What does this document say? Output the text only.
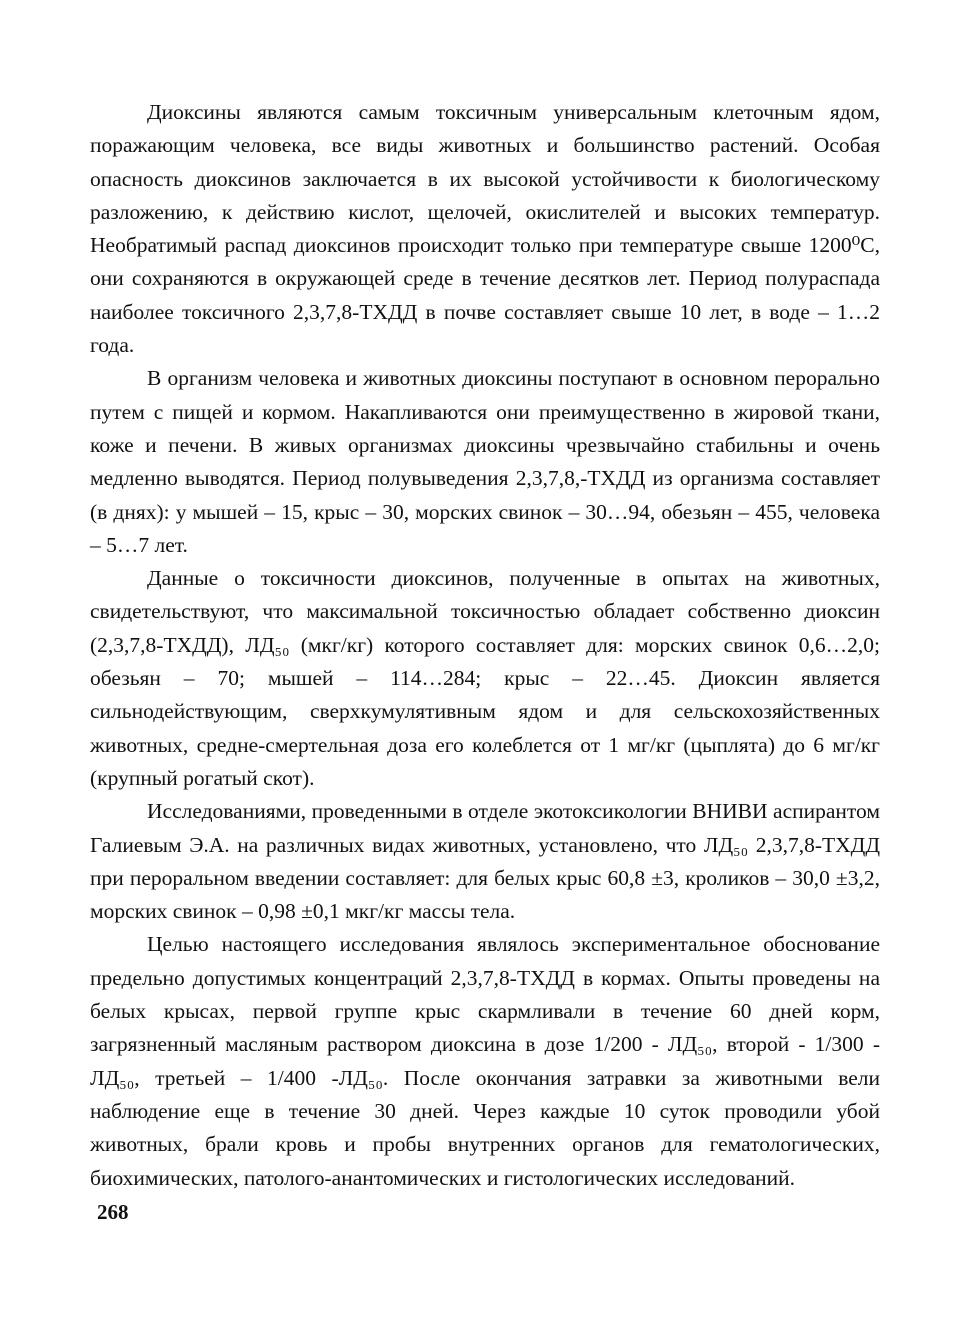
Диоксины являются самым токсичным универсальным клеточным ядом, поражающим человека, все виды животных и большинство растений. Особая опасность диоксинов заключается в их высокой устойчивости к биологическому разложению, к действию кислот, щелочей, окислителей и высоких температур. Необратимый распад диоксинов происходит только при температуре свыше 1200⁰С, они сохраняются в окружающей среде в течение десятков лет. Период полураспада наиболее токсичного 2,3,7,8-ТХДД в почве составляет свыше 10 лет, в воде – 1…2 года.

В организм человека и животных диоксины поступают в основном перорально путем с пищей и кормом. Накапливаются они преимущественно в жировой ткани, коже и печени. В живых организмах диоксины чрезвычайно стабильны и очень медленно выводятся. Период полувыведения 2,3,7,8,-ТХДД из организма составляет (в днях): у мышей – 15, крыс – 30, морских свинок – 30…94, обезьян – 455, человека – 5…7 лет.

Данные о токсичности диоксинов, полученные в опытах на животных, свидетельствуют, что максимальной токсичностью обладает собственно диоксин (2,3,7,8-ТХДД), ЛД₅₀ (мкг/кг) которого составляет для: морских свинок 0,6…2,0; обезьян – 70; мышей – 114…284; крыс – 22…45. Диоксин является сильнодействующим, сверхкумулятивным ядом и для сельскохозяйственных животных, средне-смертельная доза его колеблется от 1 мг/кг (цыплята) до 6 мг/кг (крупный рогатый скот).

Исследованиями, проведенными в отделе экотоксикологии ВНИВИ аспирантом Галиевым Э.А. на различных видах животных, установлено, что ЛД₅₀ 2,3,7,8-ТХДД при пероральном введении составляет: для белых крыс 60,8 ±3, кроликов – 30,0 ±3,2, морских свинок – 0,98 ±0,1 мкг/кг массы тела.

Целью настоящего исследования являлось экспериментальное обоснование предельно допустимых концентраций 2,3,7,8-ТХДД в кормах. Опыты проведены на белых крысах, первой группе крыс скармливали в течение 60 дней корм, загрязненный масляным раствором диоксина в дозе 1/200 - ЛД₅₀, второй - 1/300 - ЛД₅₀, третьей – 1/400 -ЛД₅₀. После окончания затравки за животными вели наблюдение еще в течение 30 дней. Через каждые 10 суток проводили убой животных, брали кровь и пробы внутренних органов для гематологических, биохимических, патолого-анантомических и гистологических исследований.

268
